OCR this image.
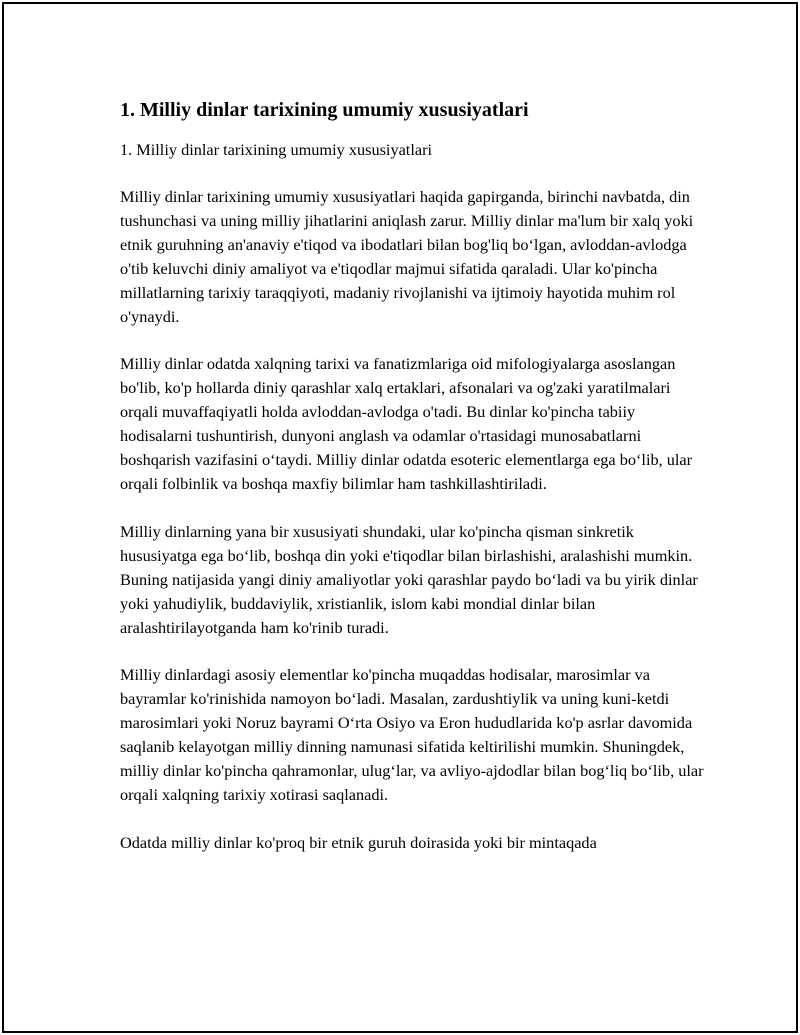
1. Milliy dinlar tarixining umumiy xususiyatlari
1. Milliy dinlar tarixining umumiy xususiyatlari

Milliy dinlar tarixining umumiy xususiyatlari haqida gapirganda, birinchi navbatda, din tushunchasi va uning milliy jihatlarini aniqlash zarur. Milliy dinlar ma'lum bir xalq yoki etnik guruhning an'anaviy e'tiqod va ibodatlari bilan bog'liq bo‘lgan, avloddan-avlodga o'tib keluvchi diniy amaliyot va e'tiqodlar majmui sifatida qaraladi. Ular ko'pincha millatlarning tarixiy taraqqiyoti, madaniy rivojlanishi va ijtimoiy hayotida muhim rol o'ynaydi.

Milliy dinlar odatda xalqning tarixi va fanatizmlariga oid mifologiyalarga asoslangan bo'lib, ko'p hollarda diniy qarashlar xalq ertaklari, afsonalari va og'zaki yaratilmalari orqali muvaffaqiyatli holda avloddan-avlodga o'tadi. Bu dinlar ko'pincha tabiiy hodisalarni tushuntirish, dunyoni anglash va odamlar o'rtasidagi munosabatlarni boshqarish vazifasini o‘taydi. Milliy dinlar odatda esoteric elementlarga ega bo‘lib, ular orqali folbinlik va boshqa maxfiy bilimlar ham tashkillashtiriladi.

Milliy dinlarning yana bir xususiyati shundaki, ular ko'pincha qisman sinkretik hususiyatga ega bo‘lib, boshqa din yoki e'tiqodlar bilan birlashishi, aralashishi mumkin. Buning natijasida yangi diniy amaliyotlar yoki qarashlar paydo bo‘ladi va bu yirik dinlar yoki yahudiylik, buddaviylik, xristianlik, islom kabi mondial dinlar bilan aralashtirilayotganda ham ko'rinib turadi.

Milliy dinlardagi asosiy elementlar ko'pincha muqaddas hodisalar, marosimlar va bayramlar ko'rinishida namoyon bo‘ladi. Masalan, zardushtiylik va uning kuni-ketdi marosimlari yoki Noruz bayrami O‘rta Osiyo va Eron hududlarida ko'p asrlar davomida saqlanib kelayotgan milliy dinning namunasi sifatida keltirilishi mumkin. Shuningdek, milliy dinlar ko'pincha qahramonlar, ulug‘lar, va avliyo-ajdodlar bilan bog‘liq bo‘lib, ular orqali xalqning tarixiy xotirasi saqlanadi.

Odatda milliy dinlar ko'proq bir etnik guruh doirasida yoki bir mintaqada
